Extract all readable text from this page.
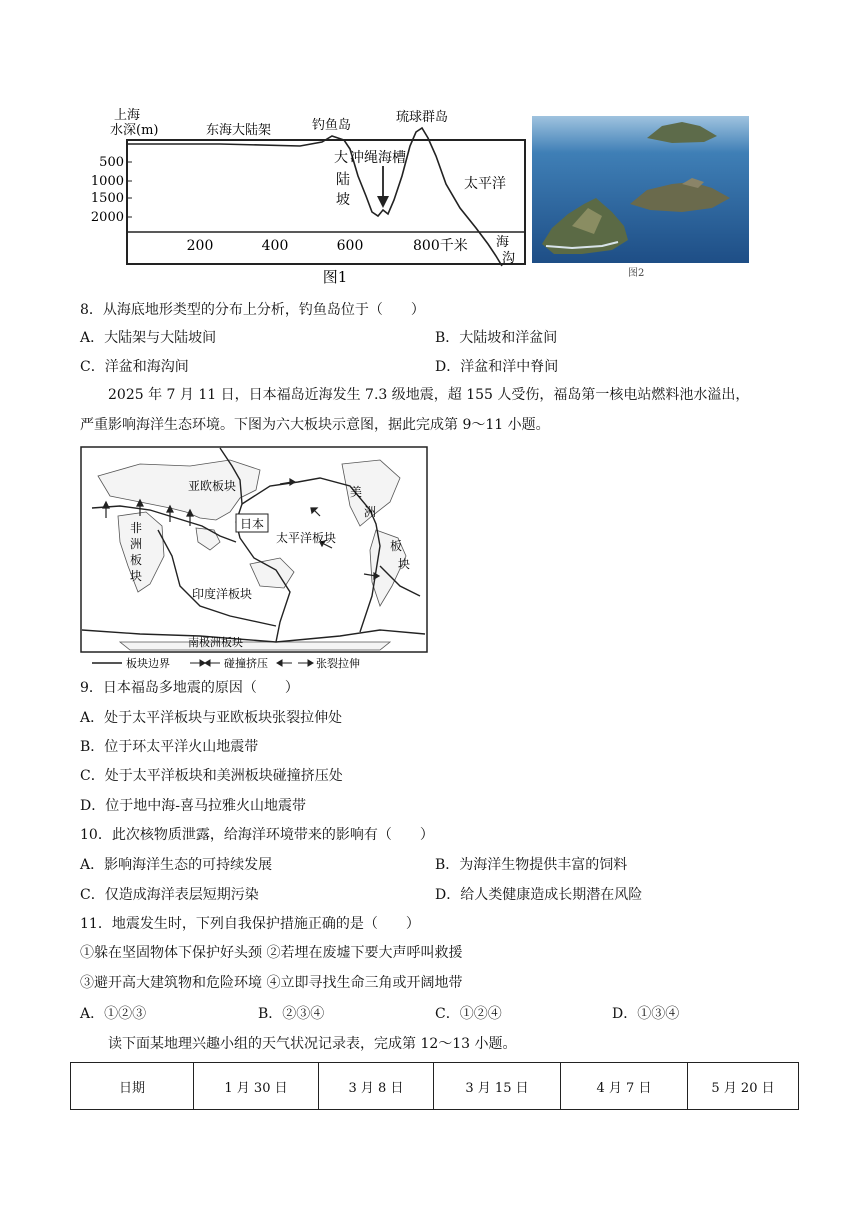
上海
水深(m)	东海大陆架	钓鱼岛
琉球群岛
500
1000
1500
2000
大 冲绳海槽
陆
坡
太平洋
200	400	600	800千米 海
沟
图1	图2
8．从海底地形类型的分布上分析，钓鱼岛位于（　　）
A．大陆架与大陆坡间	B．大陆坡和洋盆间
C．洋盆和海沟间	D．洋盆和洋中脊间
2025 年 7 月 11 日，日本福岛近海发生 7.3 级地震，超 155 人受伤，福岛第一核电站燃料池水溢出，
严重影响海洋生态环境。下图为六大板块示意图，据此完成第 9～11 小题。
亚欧板块
非
洲
板
块
日本
太平洋板块
美
洲
板
块
印度洋板块
南极洲板块
板块边界	碰撞挤压	张裂拉伸
9．日本福岛多地震的原因（　　）
A．处于太平洋板块与亚欧板块张裂拉伸处
B．位于环太平洋火山地震带
C．处于太平洋板块和美洲板块碰撞挤压处
D．位于地中海-喜马拉雅火山地震带
10．此次核物质泄露，给海洋环境带来的影响有（　　）
A．影响海洋生态的可持续发展	B．为海洋生物提供丰富的饲料
C．仅造成海洋表层短期污染	D．给人类健康造成长期潜在风险
11．地震发生时，下列自我保护措施正确的是（　　）
①躲在坚固物体下保护好头颈 ②若埋在废墟下要大声呼叫救援
③避开高大建筑物和危险环境 ④立即寻找生命三角或开阔地带
A．①②③	B．②③④	C．①②④	D．①③④
读下面某地理兴趣小组的天气状况记录表，完成第 12～13 小题。
日期	1 月 30 日	3 月 8 日	3 月 15 日	4 月 7 日	5 月 20 日
